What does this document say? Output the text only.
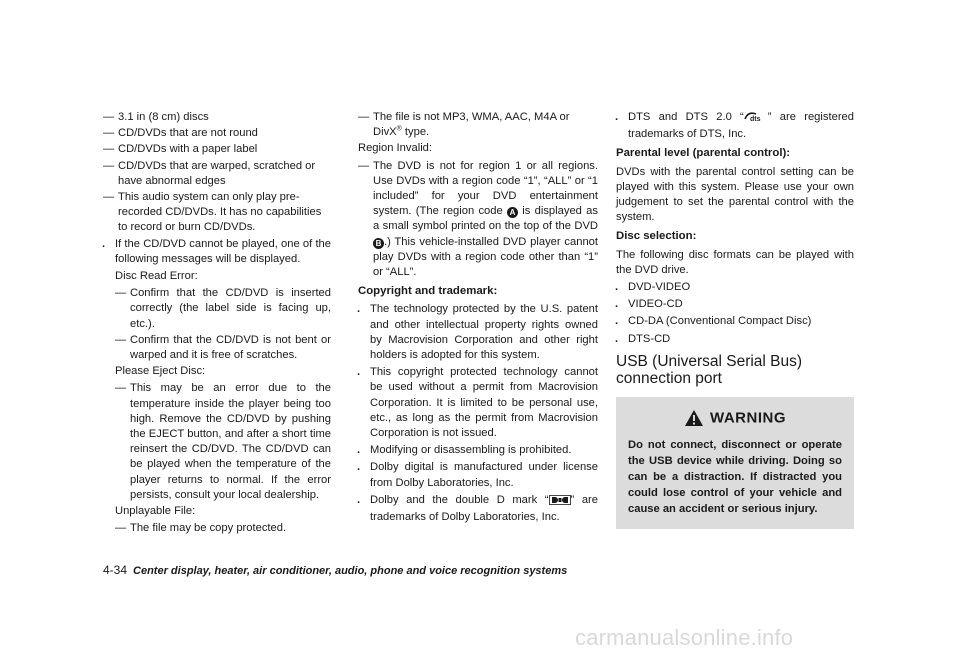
— 3.1 in (8 cm) discs
— CD/DVDs that are not round
— CD/DVDs with a paper label
— CD/DVDs that are warped, scratched or have abnormal edges
— This audio system can only play pre-recorded CD/DVDs. It has no capabilities to record or burn CD/DVDs.
. If the CD/DVD cannot be played, one of the following messages will be displayed.
Disc Read Error:
— Confirm that the CD/DVD is inserted correctly (the label side is facing up, etc.).
— Confirm that the CD/DVD is not bent or warped and it is free of scratches.
Please Eject Disc:
— This may be an error due to the temperature inside the player being too high. Remove the CD/DVD by pushing the EJECT button, and after a short time reinsert the CD/DVD. The CD/DVD can be played when the temperature of the player returns to normal. If the error persists, consult your local dealership.
Unplayable File:
— The file may be copy protected.
— The file is not MP3, WMA, AAC, M4A or DivX® type.
Region Invalid:
— The DVD is not for region 1 or all regions. Use DVDs with a region code “1”, “ALL” or “1 included” for your DVD entertainment system. (The region code A is displayed as a small symbol printed on the top of the DVD B .) This vehicle-installed DVD player cannot play DVDs with a region code other than “1” or “ALL”.
Copyright and trademark:
. The technology protected by the U.S. patent and other intellectual property rights owned by Macrovision Corporation and other right holders is adopted for this system.
. This copyright protected technology cannot be used without a permit from Macrovision Corporation. It is limited to be personal use, etc., as long as the permit from Macrovision Corporation is not issued.
. Modifying or disassembling is prohibited.
. Dolby digital is manufactured under license from Dolby Laboratories, Inc.
. Dolby and the double D mark “ ” are trademarks of Dolby Laboratories, Inc.
. DTS and DTS 2.0 “ dts ” are registered trademarks of DTS, Inc.
Parental level (parental control):
DVDs with the parental control setting can be played with this system. Please use your own judgement to set the parental control with the system.
Disc selection:
The following disc formats can be played with the DVD drive.
. DVD-VIDEO
. VIDEO-CD
. CD-DA (Conventional Compact Disc)
. DTS-CD
USB (Universal Serial Bus) connection port
WARNING
Do not connect, disconnect or operate the USB device while driving. Doing so can be a distraction. If distracted you could lose control of your vehicle and cause an accident or serious injury.
4-34 Center display, heater, air conditioner, audio, phone and voice recognition systems
carmanualsonline.info
